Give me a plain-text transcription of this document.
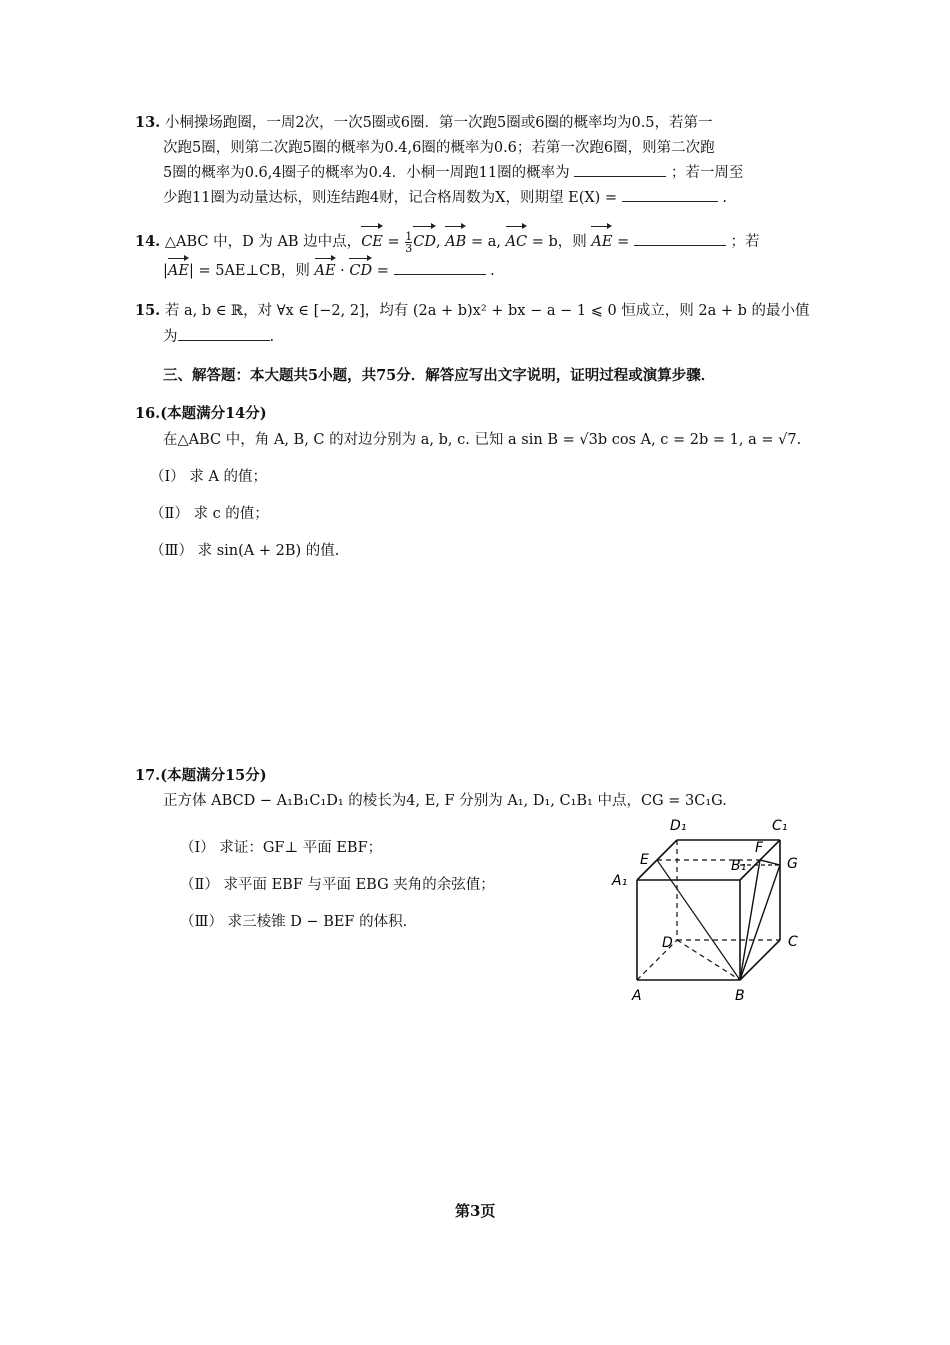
13. 小桐操场跑圈，一周2次，一次5圈或6圈．第一次跑5圈或6圈的概率均为0.5，若第一
次跑5圈，则第二次跑5圈的概率为0.4,6圈的概率为0.6；若第一次跑6圈，则第二次跑
5圈的概率为0.6,4圈子的概率为0.4．小桐一周跑11圈的概率为	；若一周至
少跑11圈为动量达标，则连结跑4财，记合格周数为X，则期望 E(X) =	.
14. △ABC 中，D 为 AB 边中点，CE = $\frac{1}{3}$ CD, AB = a, AC = b，则 AE =	；若
|AE| = 5AE⊥CB，则 AE · CD =	.
15. 若 a, b ∈ ℝ，对 ∀x ∈ [−2, 2]，均有 (2a + b)x² + bx − a − 1 ⩽ 0 恒成立，则 2a + b 的最小值
为	.
三、解答题：本大题共5小题，共75分．解答应写出文字说明，证明过程或演算步骤．
16.(本题满分14分)
在△ABC 中，角 A, B, C 的对边分别为 a, b, c. 已知 a sin B = √3b cos A, c = 2b = 1, a = √7.
（Ⅰ） 求 A 的值；
（Ⅱ） 求 c 的值；
（Ⅲ） 求 sin(A + 2B) 的值.
17.(本题满分15分)
正方体 ABCD − A₁B₁C₁D₁ 的棱长为4, E, F 分别为 A₁, D₁, C₁B₁ 中点，CG = 3C₁G.
（Ⅰ） 求证：GF⊥ 平面 EBF；
（Ⅱ） 求平面 EBF 与平面 EBG 夹角的余弦值；
（Ⅲ） 求三棱锥 D − BEF 的体积.
D₁	C₁
E
F
B₁	G
A₁
D	C
A	B
第3页
